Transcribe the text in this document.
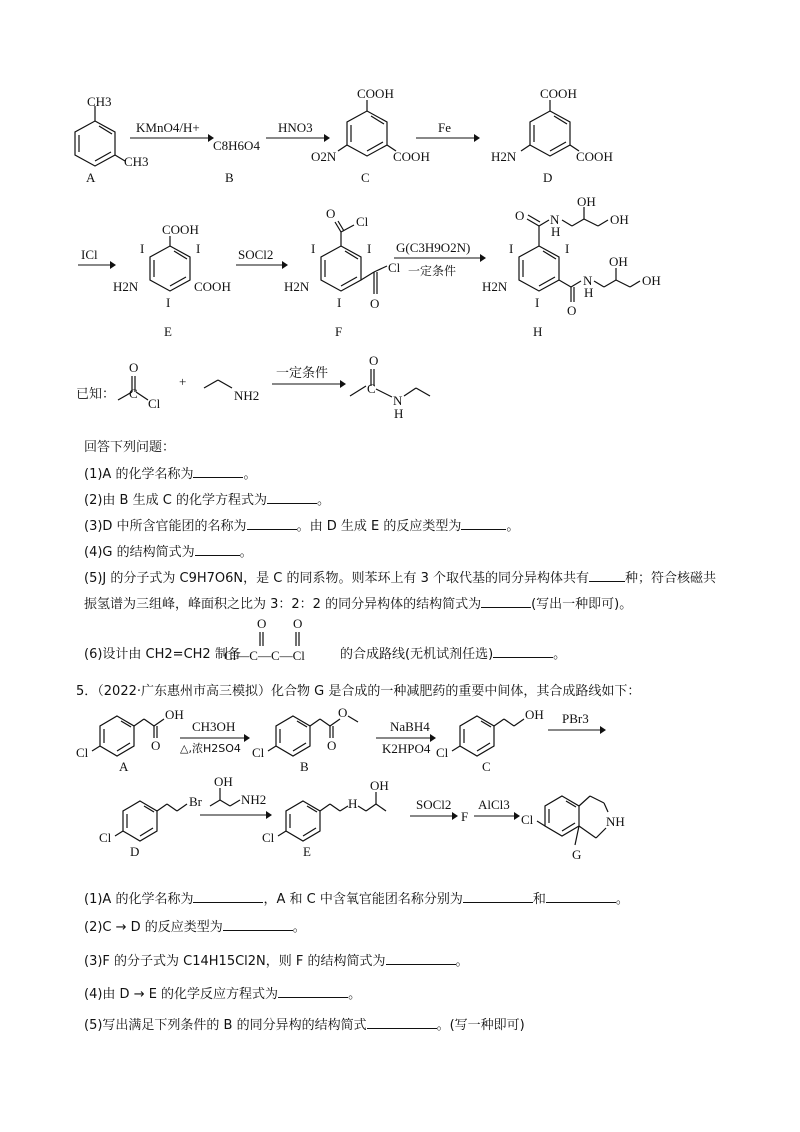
CH3
CH3
A
KMnO4/H+
C8H6O4
B
HNO3
COOH
COOH
O2N
C
Fe
COOH
COOH
H2N
D
ICl
COOH
COOH
H2N
I	I
I
E
SOCl2
O
Cl
Cl
O
H2N
I	I
I
F
G(C3H9O2N)
一定条件
O N
H
OH
OH
O
N
H
OH
OH
H2N
I	I
I
H
已知：
O
C
Cl
+
NH2
一定条件
O
C
N
H
O O
Cl—C—C—Cl
Cl
OH
O
A
CH3OH
△,浓H2SO4 Cl
O
O
B
NaBH4
K2HPO4 Cl
OH
C
PBr3
Cl
Br
D
OH
NH2
Cl
H
OH
E
SOCl2
F
AlCl3
Cl	NH
G
回答下列问题：
(1)A 的化学名称为	。
(2)由 B 生成 C 的化学方程式为	。
(3)D 中所含官能团的名称为	。由 D 生成 E 的反应类型为	。
(4)G 的结构简式为	。
(5)J 的分子式为 C9H7O6N，是 C 的同系物。则苯环上有 3 个取代基的同分异构体共有	种；符合核磁共
振氢谱为三组峰，峰面积之比为 3：2：2 的同分异构体的结构简式为	(写出一种即可)。
(6)设计由 CH2=CH2 制备	的合成路线(无机试剂任选)	。
5．（2022·广东惠州市高三模拟）化合物 G 是合成的一种减肥药的重要中间体，其合成路线如下：
(1)A 的化学名称为	，A 和 C 中含氧官能团名称分别为	和	。
(2)C → D 的反应类型为	。
(3)F 的分子式为 C14H15Cl2N，则 F 的结构简式为	。
(4)由 D → E 的化学反应方程式为	。
(5)写出满足下列条件的 B 的同分异构的结构简式	。(写一种即可)
